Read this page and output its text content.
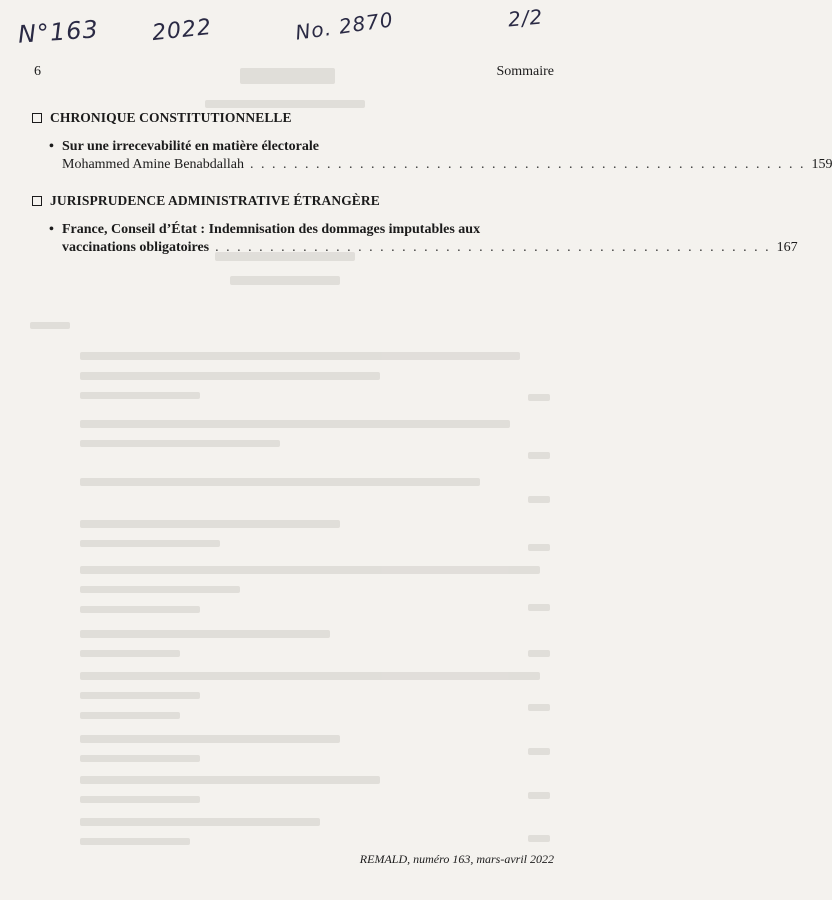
N°163 2022	No. 2870	2/2
6	Sommaire
CHRONIQUE CONSTITUTIONNELLE
• Sur une irrecevabilité en matière électorale
Mohammed Amine Benabdallah . . . . . . . . . . . . . . . . . . . . . . . . . . . . . . . . . . . . . . . . . . . . . . . . . . . 159
JURISPRUDENCE ADMINISTRATIVE ÉTRANGÈRE
• France, Conseil d’État : Indemnisation des dommages imputables aux
vaccinations obligatoires . . . . . . . . . . . . . . . . . . . . . . . . . . . . . . . . . . . . . . . . . . . . . . . . . . . 167
REMALD, numéro 163, mars-avril 2022
